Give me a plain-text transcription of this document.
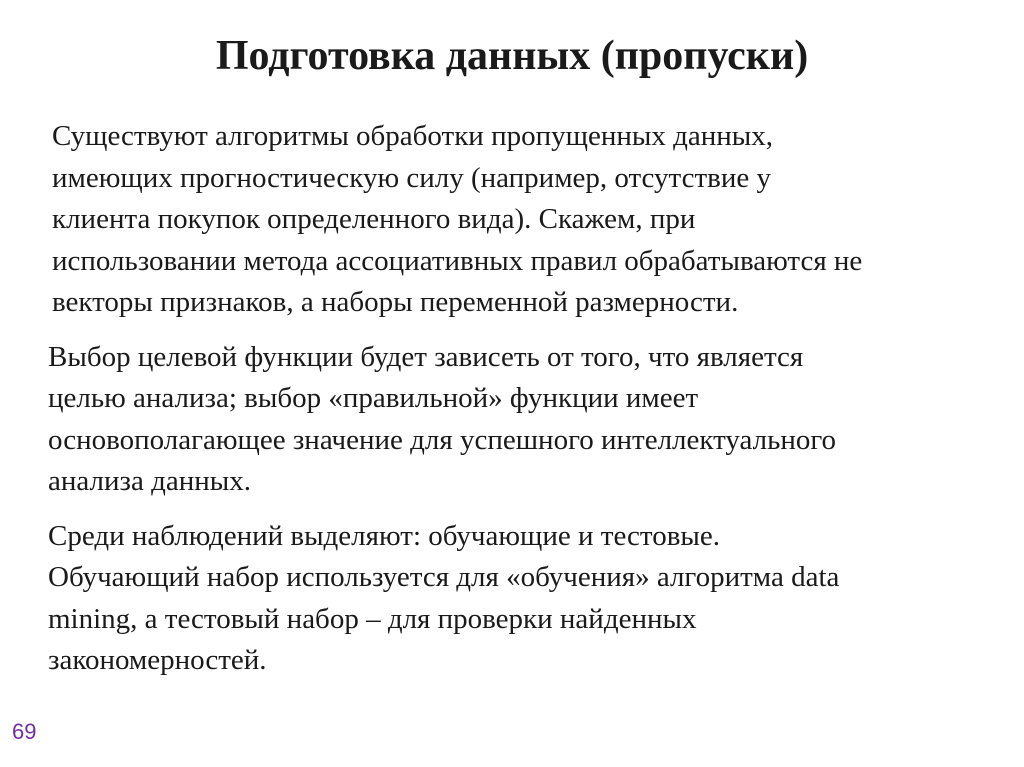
Подготовка данных (пропуски)

Существуют алгоритмы обработки пропущенных данных,
имеющих прогностическую силу (например, отсутствие у
клиента покупок определенного вида). Скажем, при
использовании метода ассоциативных правил обрабатываются не
векторы признаков, а наборы переменной размерности.

Выбор целевой функции будет зависеть от того, что является
целью анализа; выбор «правильной» функции имеет
основополагающее значение для успешного интеллектуального
анализа данных.

Среди наблюдений выделяют: обучающие и тестовые.
Обучающий набор используется для «обучения» алгоритма data
mining, а тестовый набор – для проверки найденных
закономерностей.

69
